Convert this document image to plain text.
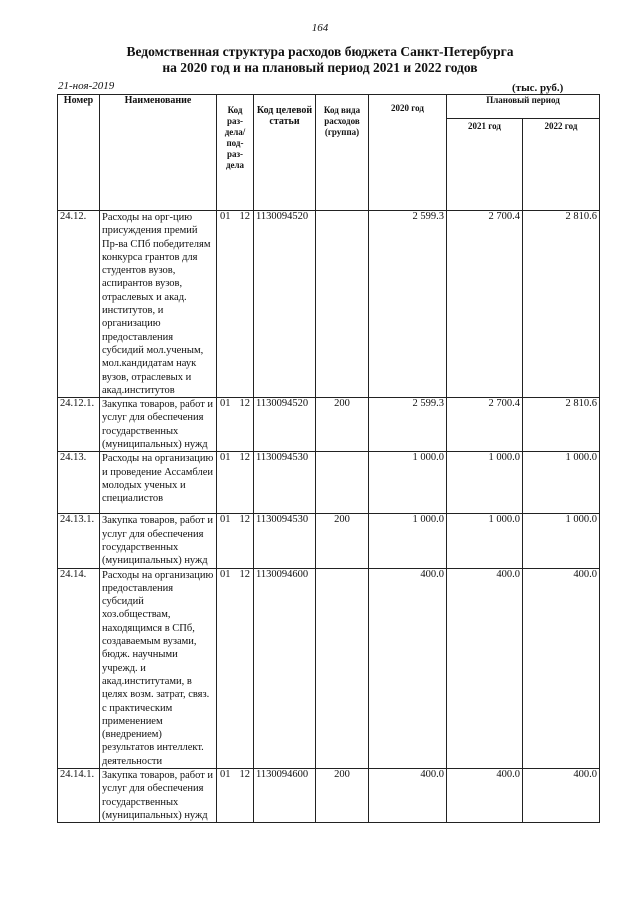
164
Ведомственная структура расходов бюджета Санкт-Петербурга
на 2020 год и на плановый период 2021 и 2022 годов
21-ноя-2019	(тыс. руб.)
Номер	Наименование	Код раз-дела/ под-раз-дела	Код целевой статьи	Код вида расходов (группа)	2020 год	Плановый период	
						2021 год	2022 год
24.12.	Расходы на орг-цию присуждения премий Пр-ва СПб победителям конкурса грантов для студентов вузов, аспирантов вузов, отраслевых и акад. институтов, и организацию предоставления субсидий мол.ученым, мол.кандидатам наук вузов, отраслевых и акад.институтов	01 12	1130094520		2 599.3	2 700.4	2 810.6
24.12.1.	Закупка товаров, работ и услуг для обеспечения государственных (муниципальных) нужд	01 12	1130094520	200	2 599.3	2 700.4	2 810.6
24.13.	Расходы на организацию и проведение Ассамблеи молодых ученых и специалистов	01 12	1130094530		1 000.0	1 000.0	1 000.0
24.13.1.	Закупка товаров, работ и услуг для обеспечения государственных (муниципальных) нужд	01 12	1130094530	200	1 000.0	1 000.0	1 000.0
24.14.	Расходы на организацию предоставления субсидий хоз.обществам, находящимся в СПб, создаваемым вузами, бюдж. научными учрежд. и акад.институтами, в целях возм. затрат, связ. с практическим применением (внедрением) результатов интеллект. деятельности	01 12	1130094600		400.0	400.0	400.0
24.14.1.	Закупка товаров, работ и услуг для обеспечения государственных (муниципальных) нужд	01 12	1130094600	200	400.0	400.0	400.0
